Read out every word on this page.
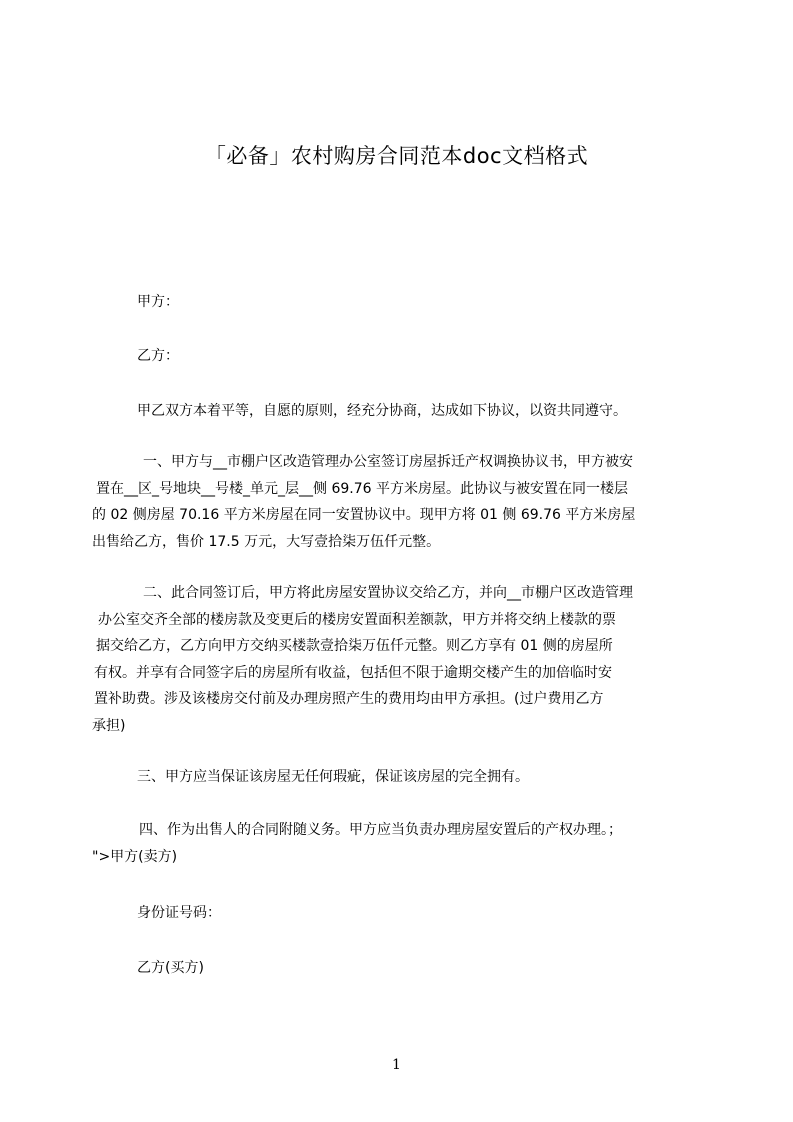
「必备」农村购房合同范本doc文档格式
甲方：
乙方：
甲乙双方本着平等，自愿的原则，经充分协商，达成如下协议，以资共同遵守。
一、甲方与__市棚户区改造管理办公室签订房屋拆迁产权调换协议书，甲方被安
置在__区_号地块__号楼_单元_层__侧 69.76 平方米房屋。此协议与被安置在同一楼层
的 02 侧房屋 70.16 平方米房屋在同一安置协议中。现甲方将 01 侧 69.76 平方米房屋
出售给乙方，售价 17.5 万元，大写壹拾柒万伍仟元整。
二、此合同签订后，甲方将此房屋安置协议交给乙方，并向__市棚户区改造管理
办公室交齐全部的楼房款及变更后的楼房安置面积差额款，甲方并将交纳上楼款的票
据交给乙方，乙方向甲方交纳买楼款壹拾柒万伍仟元整。则乙方享有 01 侧的房屋所
有权。并享有合同签字后的房屋所有收益，包括但不限于逾期交楼产生的加倍临时安
置补助费。涉及该楼房交付前及办理房照产生的费用均由甲方承担。(过户费用乙方
承担)
三、甲方应当保证该房屋无任何瑕疵，保证该房屋的完全拥有。
四、作为出售人的合同附随义务。甲方应当负责办理房屋安置后的产权办理。；
">甲方(卖方)
身份证号码：
乙方(买方)
1
